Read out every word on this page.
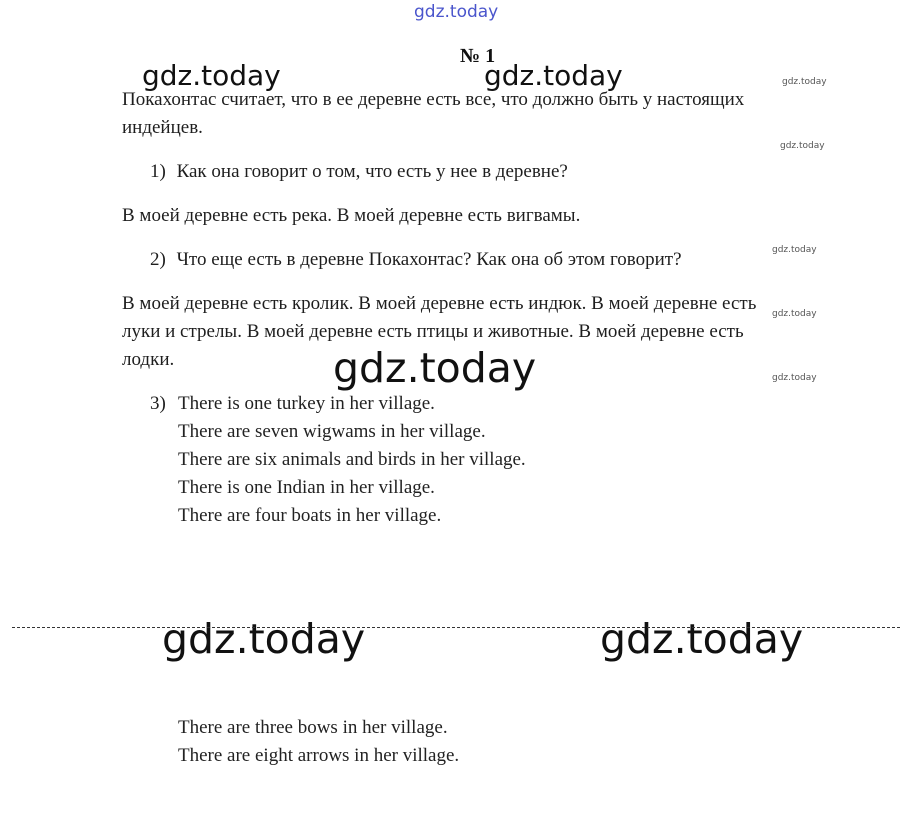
gdz.today
gdz.today	gdz.today
gdz.today
gdz.today	gdz.today
gdz.today
gdz.today
gdz.today
gdz.today
gdz.today
№ 1
Покахонтас считает, что в ее деревне есть все, что должно быть у настоящих
индейцев.
1) Как она говорит о том, что есть у нее в деревне?
В моей деревне есть река. В моей деревне есть вигвамы.
2) Что еще есть в деревне Покахонтас? Как она об этом говорит?
В моей деревне есть кролик. В моей деревне есть индюк. В моей деревне есть
луки и стрелы. В моей деревне есть птицы и животные. В моей деревне есть
лодки.
3) There is one turkey in her village.
There are seven wigwams in her village.
There are six animals and birds in her village.
There is one Indian in her village.
There are four boats in her village.
There are three bows in her village.
There are eight arrows in her village.
